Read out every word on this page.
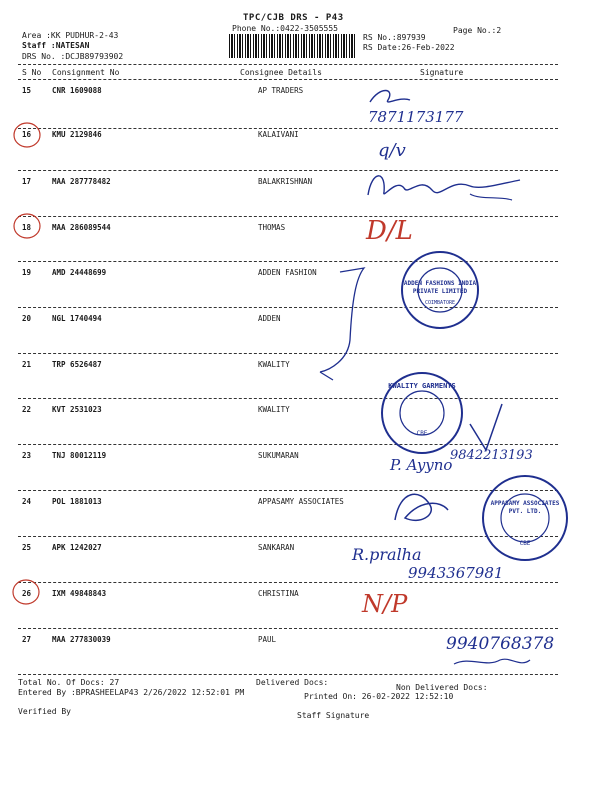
TPC/CJB DRS - P43
Phone No.:0422-3505555	Page No.:2
Area :KK PUDHUR-2-43
Staff :NATESAN
DRS No. :DCJB89793902
RS No.:897939
RS Date:26-Feb-2022
S No Consignment No	Consignee Details	Signature
15	CNR 1609088	AP TRADERS
16	KMU 2129846	KALAIVANI
17	MAA 287778482	BALAKRISHNAN
18	MAA 286089544	THOMAS
19	AMD 24448699	ADDEN FASHION
20	NGL 1740494	ADDEN
21	TRP 6526487	KWALITY
22	KVT 2531023	KWALITY
23	TNJ 80012119	SUKUMARAN
24	POL 1881013	APPASAMY ASSOCIATES
25	APK 1242027	SANKARAN
26	IXM 49848843	CHRISTINA
27	MAA 277830039	PAUL
Total No. Of Docs: 27	Delivered Docs:
Non Delivered Docs:
Entered By :BPRASHEELAP43 2/26/2022 12:52:01 PM	Printed On: 26-02-2022 12:52:10
Verified By	Staff Signature
7871173177
q/v
D/L
P. Ayyno
9842213193
R.pralha
9943367981
N/P
9940768378
ADDEN FASHIONS INDIA PRIVATE LIMITED
COIMBATORE
KWALITY GARMENTS
CBE
APPASAMY ASSOCIATES PVT. LTD.
CBE
